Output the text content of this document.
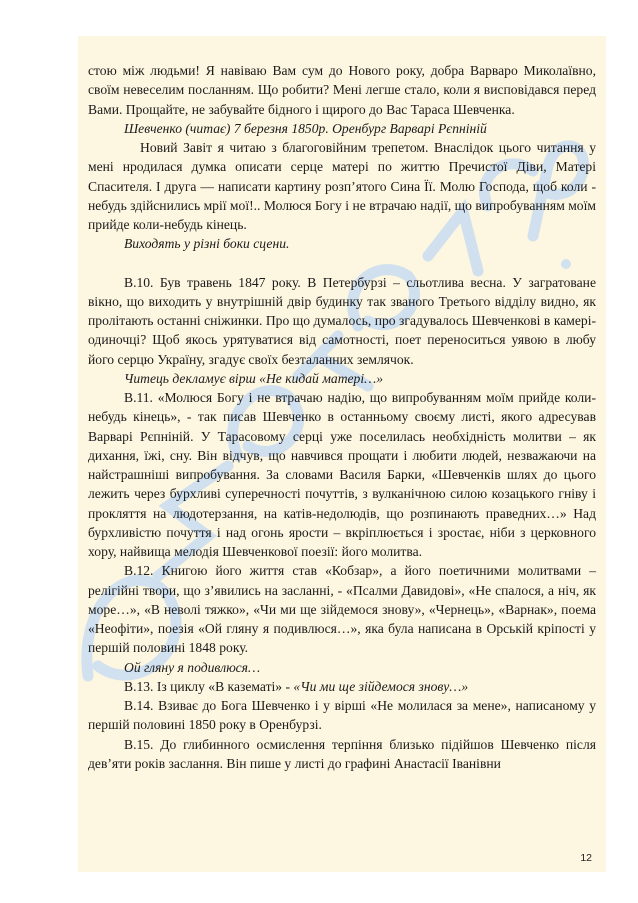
стою між людьми! Я навіваю Вам сум до Нового року, добра Варваро Миколаївно, своїм невеселим посланням. Що робити? Мені легше стало, коли я висповідався перед Вами. Прощайте, не забувайте бідного і щирого до Вас Тараса Шевченка.

Шевченко (читає) 7 березня 1850р. Оренбург Варварі Рєпніній

Новий Завіт я читаю з благоговійним трепетом. Внаслідок цього читання у мені нродилася думка описати серце матері по життю Пречистої Діви, Матері Спасителя. І друга — написати картину розп’ятого Сина Її. Молю Господа, щоб коли - небудь здійснились мрії мої!.. Молюся Богу і не втрачаю надії, що випробуванням моїм прийде коли-небудь кінець.

Виходять у різні боки сцени.

В.10. Був травень 1847 року. В Петербурзі – сльотлива весна. У загратоване вікно, що виходить у внутрішній двір будинку так званого Третього відділу видно, як пролітають останні сніжинки. Про що думалось, про згадувалось Шевченкові в камері-одиночці? Щоб якось урятуватися від самотності, поет переноситься уявою в любу його серцю Україну, згадує своїх безталанних землячок.

Читець декламує вірш «Не кидай матері…»

В.11. «Молюся Богу і не втрачаю надію, що випробуванням моїм прийде коли-небудь кінець», - так писав Шевченко в останньому своєму листі, якого адресував Варварі Рєпніній. У Тарасовому серці уже поселилась необхідність молитви – як дихання, їжі, сну. Він відчув, що навчився прощати і любити людей, незважаючи на найстрашніші випробування. За словами Василя Барки, «Шевченків шлях до цього лежить через бурхливі суперечності почуттів, з вулканічною силою козацького гніву і прокляття на людотерзання, на катів-недолюдів, що розпинають праведних…» Над бурхливістю почуття і над огонь ярости – вкріплюється і зростає, ніби з церковного хору, найвища мелодія Шевченкової поезії: його молитва.

В.12. Книгою його життя став «Кобзар», а його поетичними молитвами – релігійні твори, що з’явились на засланні, - «Псалми Давидові», «Не спалося, а ніч, як море…», «В неволі тяжко», «Чи ми ще зійдемося знову», «Чернець», «Варнак», поема «Неофіти», поезія «Ой гляну я подивлюся…», яка була написана в Орській кріпості у першій половині 1848 року.

Ой гляну я подивлюся…

В.13. Із циклу «В казематі» - «Чи ми ще зійдемося знову…»

В.14. Взиває до Бога Шевченко і у вірші «Не молилася за мене», написаному у першій половині 1850 року в Оренбурзі.

В.15. До глибинного осмислення терпіння близько підійшов Шевченко після дев’яти років заслання. Він пише у листі до графині Анастасії Іванівни

12
